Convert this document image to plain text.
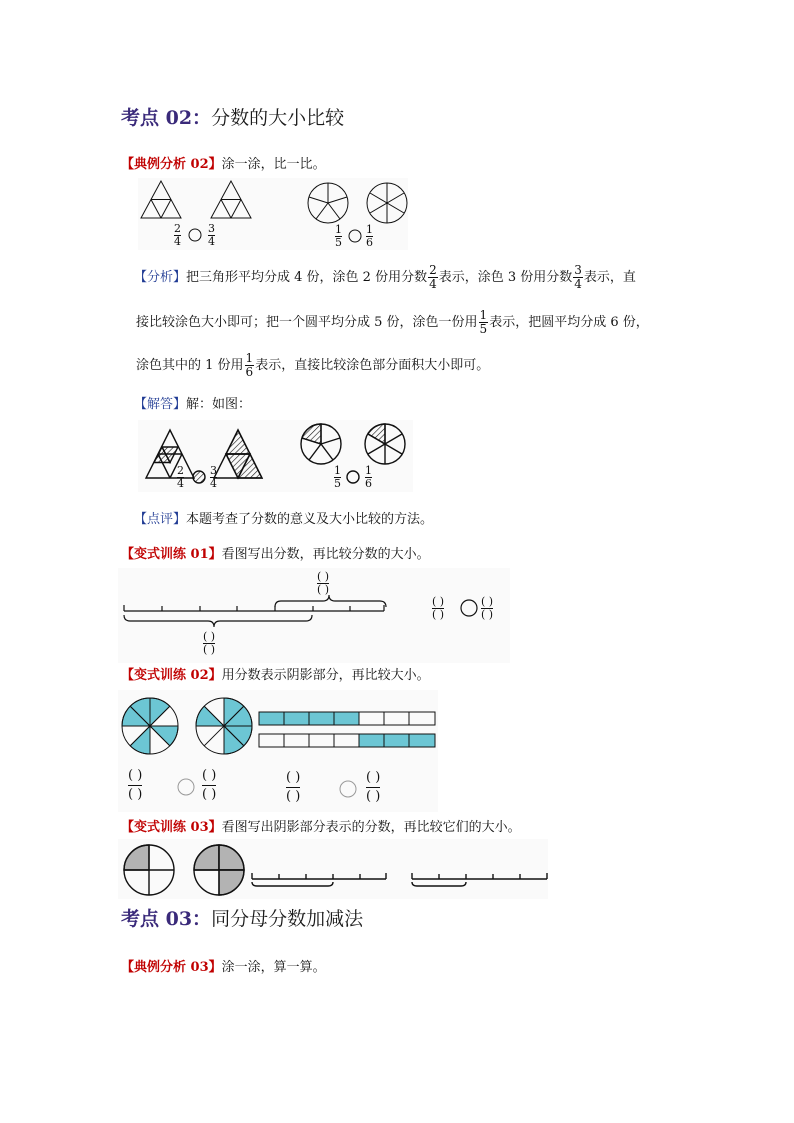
考点 02：分数的大小比较
【典例分析 02】涂一涂，比一比。
2
4
3
4
1
5
1
6
【分析】把三角形平均分成 4 份，涂色 2 份用分数 $\frac{2}{4}$ 表示，涂色 3 份用分数 $\frac{3}{4}$ 表示，直
接比较涂色大小即可；把一个圆平均分成 5 份，涂色一份用 $\frac{1}{5}$ 表示，把圆平均分成 6 份，
涂色其中的 1 份用 $\frac{1}{6}$ 表示，直接比较涂色部分面积大小即可。
【解答】解：如图：
2
4
3
4
1
5
1
6
【点评】本题考查了分数的意义及大小比较的方法。
【变式训练 01】看图写出分数，再比较分数的大小。
( )
( )
( )
( )
( )
( )
( )
( )
【变式训练 02】用分数表示阴影部分，再比较大小。
( )
( )
( )
( )
( )
( )
( )
( )
【变式训练 03】看图写出阴影部分表示的分数，再比较它们的大小。
考点 03：同分母分数加减法
【典例分析 03】涂一涂，算一算。
